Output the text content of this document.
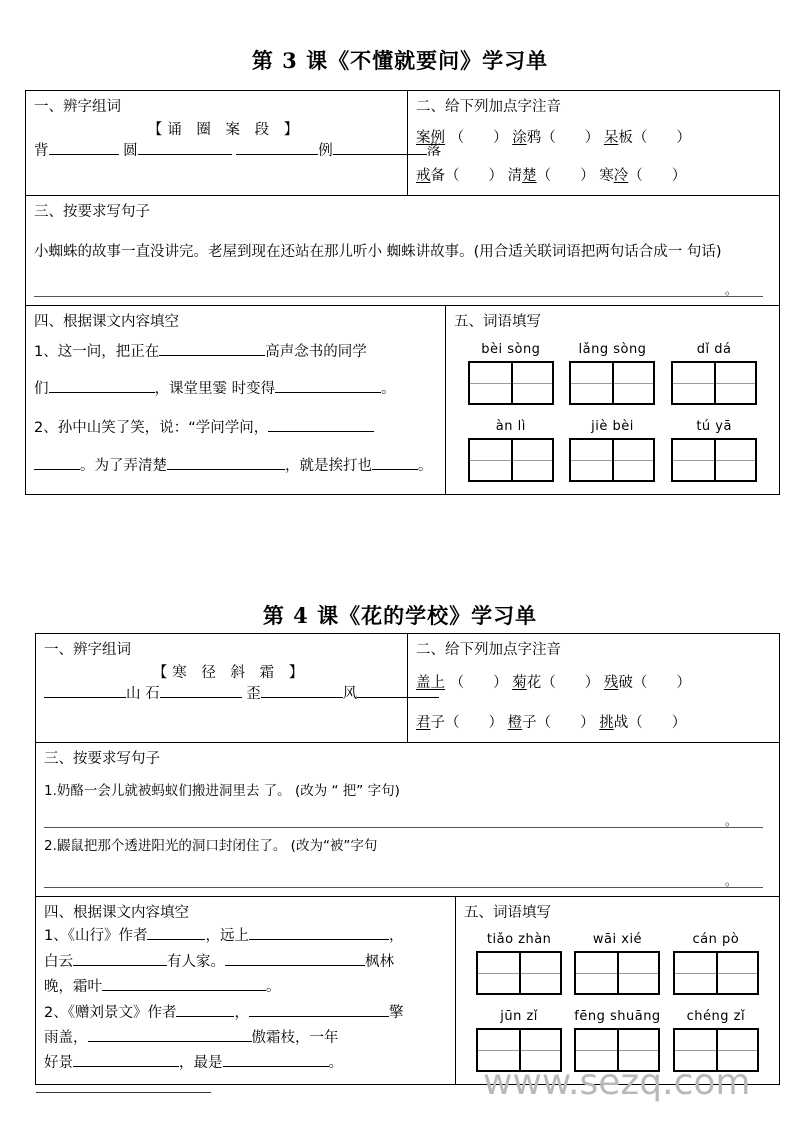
第 3 课《不懂就要问》学习单
一、辨字组词
【诵 圈 案 段 】
背	圆	例	落
二、给下列加点字注音
案例 （　　） 涂鸦（　　） 呆板（　　）
戒备（　　） 清楚（　　） 寒冷（　　）
三、按要求写句子
小蜘蛛的故事一直没讲完。老屋到现在还站在那儿听小 蜘蛛讲故事。(用合适关联词语把两句话合成一 句话)
。
四、根据课文内容填空
1、这一问，把正在	高声念书的同学
们	，课堂里霎 时变得	。
2、孙中山笑了笑，说：“学问学问，
。为了弄清楚	，就是挨打也	。
五、词语填写
bèi sòng	lǎng sòng	dǐ dá
àn lì	jiè bèi	tú yā
第 4 课《花的学校》学习单
一、辨字组词
【寒 径 斜 霜 】
山 石	歪	风
二、给下列加点字注音
盖上 （　　） 菊花（　　） 残破（　　）
君子（　　） 橙子（　　） 挑战（　　）
三、按要求写句子
1.奶酪一会儿就被蚂蚁们搬进洞里去 了。 (改为 “ 把” 字句)
。
2.鼹鼠把那个透进阳光的洞口封闭住了。 (改为“被”字句
。
四、根据课文内容填空
1、《山行》作者	，远上	，
白云	有人家。	枫林
晚，霜叶	。
2、《赠刘景文》作者	，	擎
雨盖，	傲霜枝，一年
好景	，最是	。
五、词语填写
tiǎo zhàn	wāi xié	cán pò
jūn zǐ	fēng shuāng	chéng zǐ
www.sezq.com
